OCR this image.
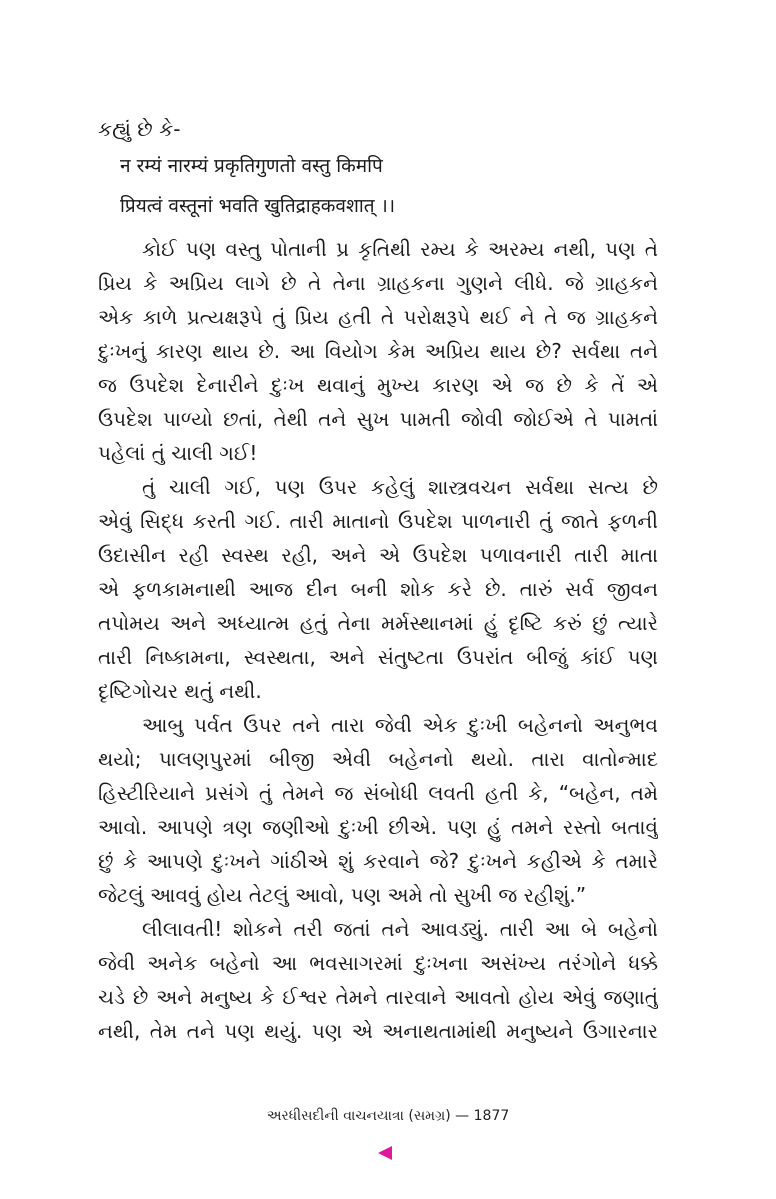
કહ્યું છે કે-
न रम्यं नारम्यं प्रकृतिगुणतो वस्तु किमपि
प्रियत्वं वस्तूनां भवति खुतिद्राहकवशात् ।।
કોઈ પણ વસ્તુ પોતાની પ્ર કૃતિથી રમ્ય કે અરમ્ય નથી, પણ તે
પ્રિય કે અપ્રિય લાગે છે તે તેના ગ્રાહકના ગુણને લીધે. જે ગ્રાહકને
એક કાળે પ્રત્યક્ષરૂપે તું પ્રિય હતી તે પરોક્ષરૂપે થઈ ને તે જ ગ્રાહકને
દુઃખનું કારણ થાય છે. આ વિયોગ કેમ અપ્રિય થાય છે? સર્વથા તને
જ ઉપદેશ દેનારીને દુઃખ થવાનું મુખ્ય કારણ એ જ છે કે તેં એ
ઉપદેશ પાળ્યો છતાં, તેથી તને સુખ પામતી જોવી જોઈએ તે પામતાં
પહેલાં તું ચાલી ગઈ!
તું ચાલી ગઈ, પણ ઉપર કહેલું શાસ્ત્રવચન સર્વથા સત્ય છે
એવું સિદ્ધ કરતી ગઈ. તારી માતાનો ઉપદેશ પાળનારી તું જાતે ફળની
ઉદાસીન રહી સ્વસ્થ રહી, અને એ ઉપદેશ પળાવનારી તારી માતા
એ ફળકામનાથી આજ દીન બની શોક કરે છે. તારું સર્વ જીવન
તપોમય અને અધ્યાત્મ હતું તેના મર્મસ્થાનમાં હું દૃષ્ટિ કરું છું ત્યારે
તારી નિષ્કામના, સ્વસ્થતા, અને સંતુષ્ટતા ઉપરાંત બીજું કાંઈ પણ
દૃષ્ટિગોચર થતું નથી.
આબુ પર્વત ઉપર તને તારા જેવી એક દુઃખી બહેનનો અનુભવ
થયો; પાલણપુરમાં બીજી એવી બહેનનો થયો. તારા વાતોન્માદ
હિસ્ટીરિયાને પ્રસંગે તું તેમને જ સંબોધી લવતી હતી કે, “બહેન, તમે
આવો. આપણે ત્રણ જણીઓ દુઃખી છીએ. પણ હું તમને રસ્તો બતાવું
છું કે આપણે દુઃખને ગાંઠીએ શું કરવાને જે? દુઃખને કહીએ કે તમારે
જેટલું આવવું હોય તેટલું આવો, પણ અમે તો સુખી જ રહીશું.”
લીલાવતી! શોકને તરી જતાં તને આવડ્યું. તારી આ બે બહેનો
જેવી અનેક બહેનો આ ભવસાગરમાં દુઃખના અસંખ્ય તરંગોને ધક્કે
ચડે છે અને મનુષ્ય કે ઈશ્વર તેમને તારવાને આવતો હોય એવું જણાતું
નથી, તેમ તને પણ થયું. પણ એ અનાથતામાંથી મનુષ્યને ઉગારનાર
અરધીસદીની વાચનયાત્રા (સમગ્ર) — 1877
